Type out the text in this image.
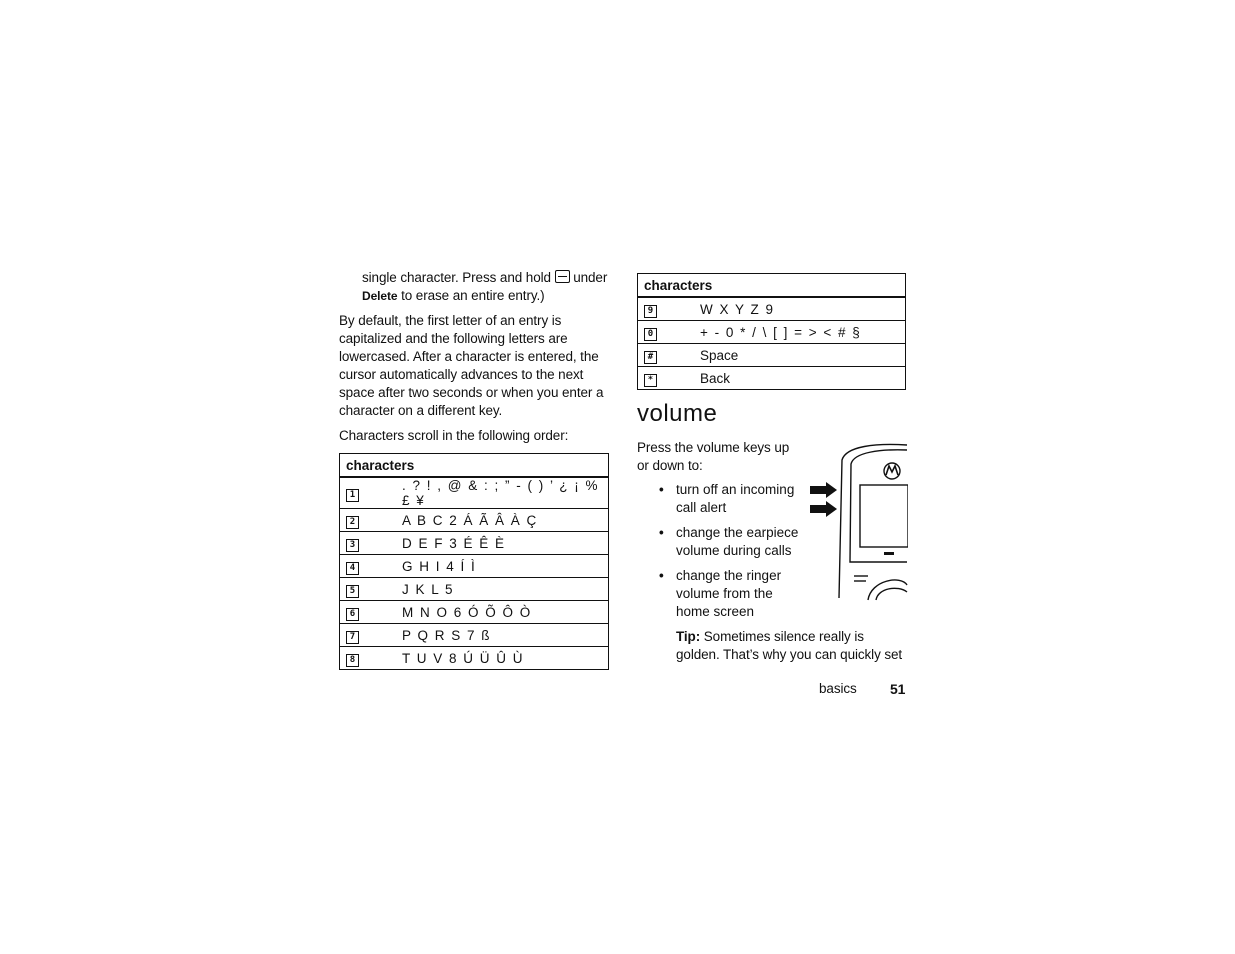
single character. Press and hold  under
Delete to erase an entire entry.)
By default, the first letter of an entry is
capitalized and the following letters are
lowercased. After a character is entered, the
cursor automatically advances to the next
space after two seconds or when you enter a
character on a different key.
Characters scroll in the following order:
characters	
1	. ? ! , @ & : ; ” - ( ) ’ ¿ ¡ % £ ¥
2	A B C 2 Á Ã Â À Ç
3	D E F 3 É Ê È
4	G H I 4 Í Ì
5	J K L 5
6	M N O 6 Ó Õ Ô Ò
7	P Q R S 7 ß
8	T U V 8 Ú Ü Û Ù
characters	
9	W X Y Z 9
0	+ - 0 * / \ [ ] = > < # §
#	Space
*	Back
volume
Press the volume keys up
or down to:
• turn off an incoming
call alert
• change the earpiece
volume during calls
• change the ringer
volume from the
home screen
Tip: Sometimes silence really is
golden. That’s why you can quickly set
basics 51
